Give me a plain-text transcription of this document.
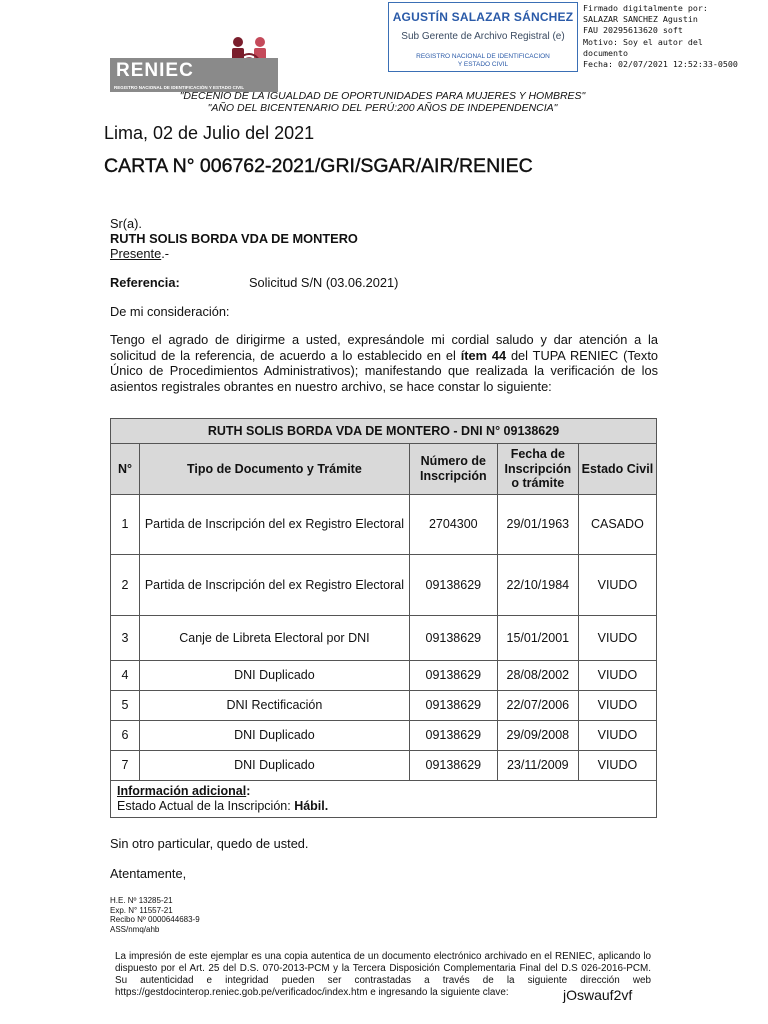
RENIEC
REGISTRO NACIONAL DE IDENTIFICACIÓN Y ESTADO CIVIL
AGUSTÍN SALAZAR SÁNCHEZ
Sub Gerente de Archivo Registral (e)
REGISTRO NACIONAL DE IDENTIFICACION
Y ESTADO CIVIL
Firmado digitalmente por:
SALAZAR SANCHEZ Agustin
FAU 20295613620 soft
Motivo: Soy el autor del
documento
Fecha: 02/07/2021 12:52:33-0500
"DECENIO DE LA IGUALDAD DE OPORTUNIDADES PARA MUJERES Y HOMBRES"
"AÑO DEL BICENTENARIO DEL PERÚ:200 AÑOS DE INDEPENDENCIA"
Lima, 02 de Julio del 2021
CARTA N° 006762-2021/GRI/SGAR/AIR/RENIEC
Sr(a).
RUTH SOLIS BORDA VDA DE MONTERO
Presente.-
Referencia:	Solicitud S/N (03.06.2021)
De mi consideración:
Tengo el agrado de dirigirme a usted, expresándole mi cordial saludo y dar atención a la solicitud de la referencia, de acuerdo a lo establecido en el ítem 44 del TUPA RENIEC (Texto Único de Procedimientos Administrativos); manifestando que realizada la verificación de los asientos registrales obrantes en nuestro archivo, se hace constar lo siguiente:
RUTH SOLIS BORDA VDA DE MONTERO - DNI N° 09138629				
N°	Tipo de Documento y Trámite	Número de Inscripción	Fecha de Inscripción o trámite	Estado Civil
1	Partida de Inscripción del ex Registro Electoral	2704300	29/01/1963	CASADO
2	Partida de Inscripción del ex Registro Electoral	09138629	22/10/1984	VIUDO
3	Canje de Libreta Electoral por DNI	09138629	15/01/2001	VIUDO
4	DNI Duplicado	09138629	28/08/2002	VIUDO
5	DNI Rectificación	09138629	22/07/2006	VIUDO
6	DNI Duplicado	09138629	29/09/2008	VIUDO
7	DNI Duplicado	09138629	23/11/2009	VIUDO

Información adicional:
Estado Actual de la Inscripción: Hábil.				
Sin otro particular, quedo de usted.
Atentamente,
H.E. Nº 13285-21
Exp. N° 11557-21
Recibo Nº 0000644683-9
ASS/nmq/ahb
La impresión de este ejemplar es una copia autentica de un documento electrónico archivado en el RENIEC, aplicando lo dispuesto por el Art. 25 del D.S. 070-2013-PCM y la Tercera Disposición Complementaria Final del D.S 026-2016-PCM. Su autenticidad e integridad pueden ser contrastadas a través de la siguiente dirección web https://gestdocinterop.reniec.gob.pe/verificadoc/index.htm e ingresando la siguiente clave:	jOswauf2vf
